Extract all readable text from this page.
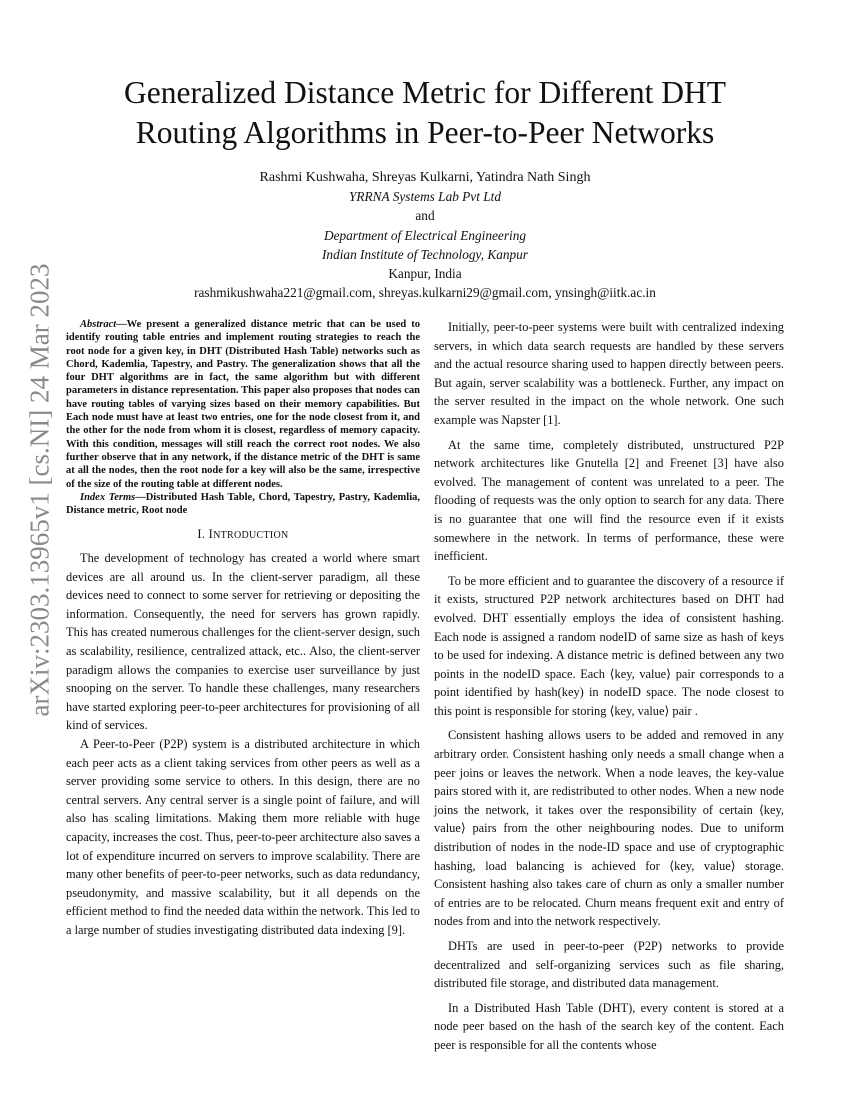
arXiv:2303.13965v1 [cs.NI] 24 Mar 2023
Generalized Distance Metric for Different DHT
Routing Algorithms in Peer-to-Peer Networks
Rashmi Kushwaha, Shreyas Kulkarni, Yatindra Nath Singh
YRRNA Systems Lab Pvt Ltd
and
Department of Electrical Engineering
Indian Institute of Technology, Kanpur
Kanpur, India
rashmikushwaha221@gmail.com, shreyas.kulkarni29@gmail.com, ynsingh@iitk.ac.in

Abstract—We present a generalized distance metric that can be used to identify routing table entries and implement routing strategies to reach the root node for a given key, in DHT (Distributed Hash Table) networks such as Chord, Kademlia, Tapestry, and Pastry. The generalization shows that all the four DHT algorithms are in fact, the same algorithm but with different parameters in distance representation. This paper also proposes that nodes can have routing tables of varying sizes based on their memory capabilities. But Each node must have at least two entries, one for the node closest from it, and the other for the node from whom it is closest, regardless of memory capacity. With this condition, messages will still reach the correct root nodes. We also further observe that in any network, if the distance metric of the DHT is same at all the nodes, then the root node for a key will also be the same, irrespective of the size of the routing table at different nodes.

Index Terms—Distributed Hash Table, Chord, Tapestry, Pastry, Kademlia, Distance metric, Root node

I. INTRODUCTION

The development of technology has created a world where smart devices are all around us. In the client-server paradigm, all these devices need to connect to some server for retrieving or depositing the information. Consequently, the need for servers has grown rapidly. This has created numerous challenges for the client-server design, such as scalability, resilience, centralized attack, etc.. Also, the client-server paradigm allows the companies to exercise user surveillance by just snooping on the server. To handle these challenges, many researchers have started exploring peer-to-peer architectures for provisioning of all kind of services.

A Peer-to-Peer (P2P) system is a distributed architecture in which each peer acts as a client taking services from other peers as well as a server providing some service to others. In this design, there are no central servers. Any central server is a single point of failure, and will also has scaling limitations. Making them more reliable with huge capacity, increases the cost. Thus, peer-to-peer architecture also saves a lot of expenditure incurred on servers to improve scalability. There are many other benefits of peer-to-peer networks, such as data redundancy, pseudonymity, and massive scalability, but it all depends on the efficient method to find the needed data within the network. This led to a large number of studies investigating distributed data indexing [9].

Initially, peer-to-peer systems were built with centralized indexing servers, in which data search requests are handled by these servers and the actual resource sharing used to happen directly between peers. But again, server scalability was a bottleneck. Further, any impact on the server resulted in the impact on the whole network. One such example was Napster [1].

At the same time, completely distributed, unstructured P2P network architectures like Gnutella [2] and Freenet [3] have also evolved. The management of content was unrelated to a peer. The flooding of requests was the only option to search for any data. There is no guarantee that one will find the resource even if it exists somewhere in the network. In terms of performance, these were inefficient.

To be more efficient and to guarantee the discovery of a resource if it exists, structured P2P network architectures based on DHT had evolved. DHT essentially employs the idea of consistent hashing. Each node is assigned a random nodeID of same size as hash of keys to be used for indexing. A distance metric is defined between any two points in the nodeID space. Each ⟨key, value⟩ pair corresponds to a point identified by hash(key) in nodeID space. The node closest to this point is responsible for storing ⟨key, value⟩ pair .

Consistent hashing allows users to be added and removed in any arbitrary order. Consistent hashing only needs a small change when a peer joins or leaves the network. When a node leaves, the key-value pairs stored with it, are redistributed to other nodes. When a new node joins the network, it takes over the responsibility of certain ⟨key, value⟩ pairs from the other neighbouring nodes. Due to uniform distribution of nodes in the node-ID space and use of cryptographic hashing, load balancing is achieved for ⟨key, value⟩ storage. Consistent hashing also takes care of churn as only a smaller number of entries are to be relocated. Churn means frequent exit and entry of nodes from and into the network respectively.

DHTs are used in peer-to-peer (P2P) networks to provide decentralized and self-organizing services such as file sharing, distributed file storage, and distributed data management.

In a Distributed Hash Table (DHT), every content is stored at a node peer based on the hash of the search key of the content. Each peer is responsible for all the contents whose
